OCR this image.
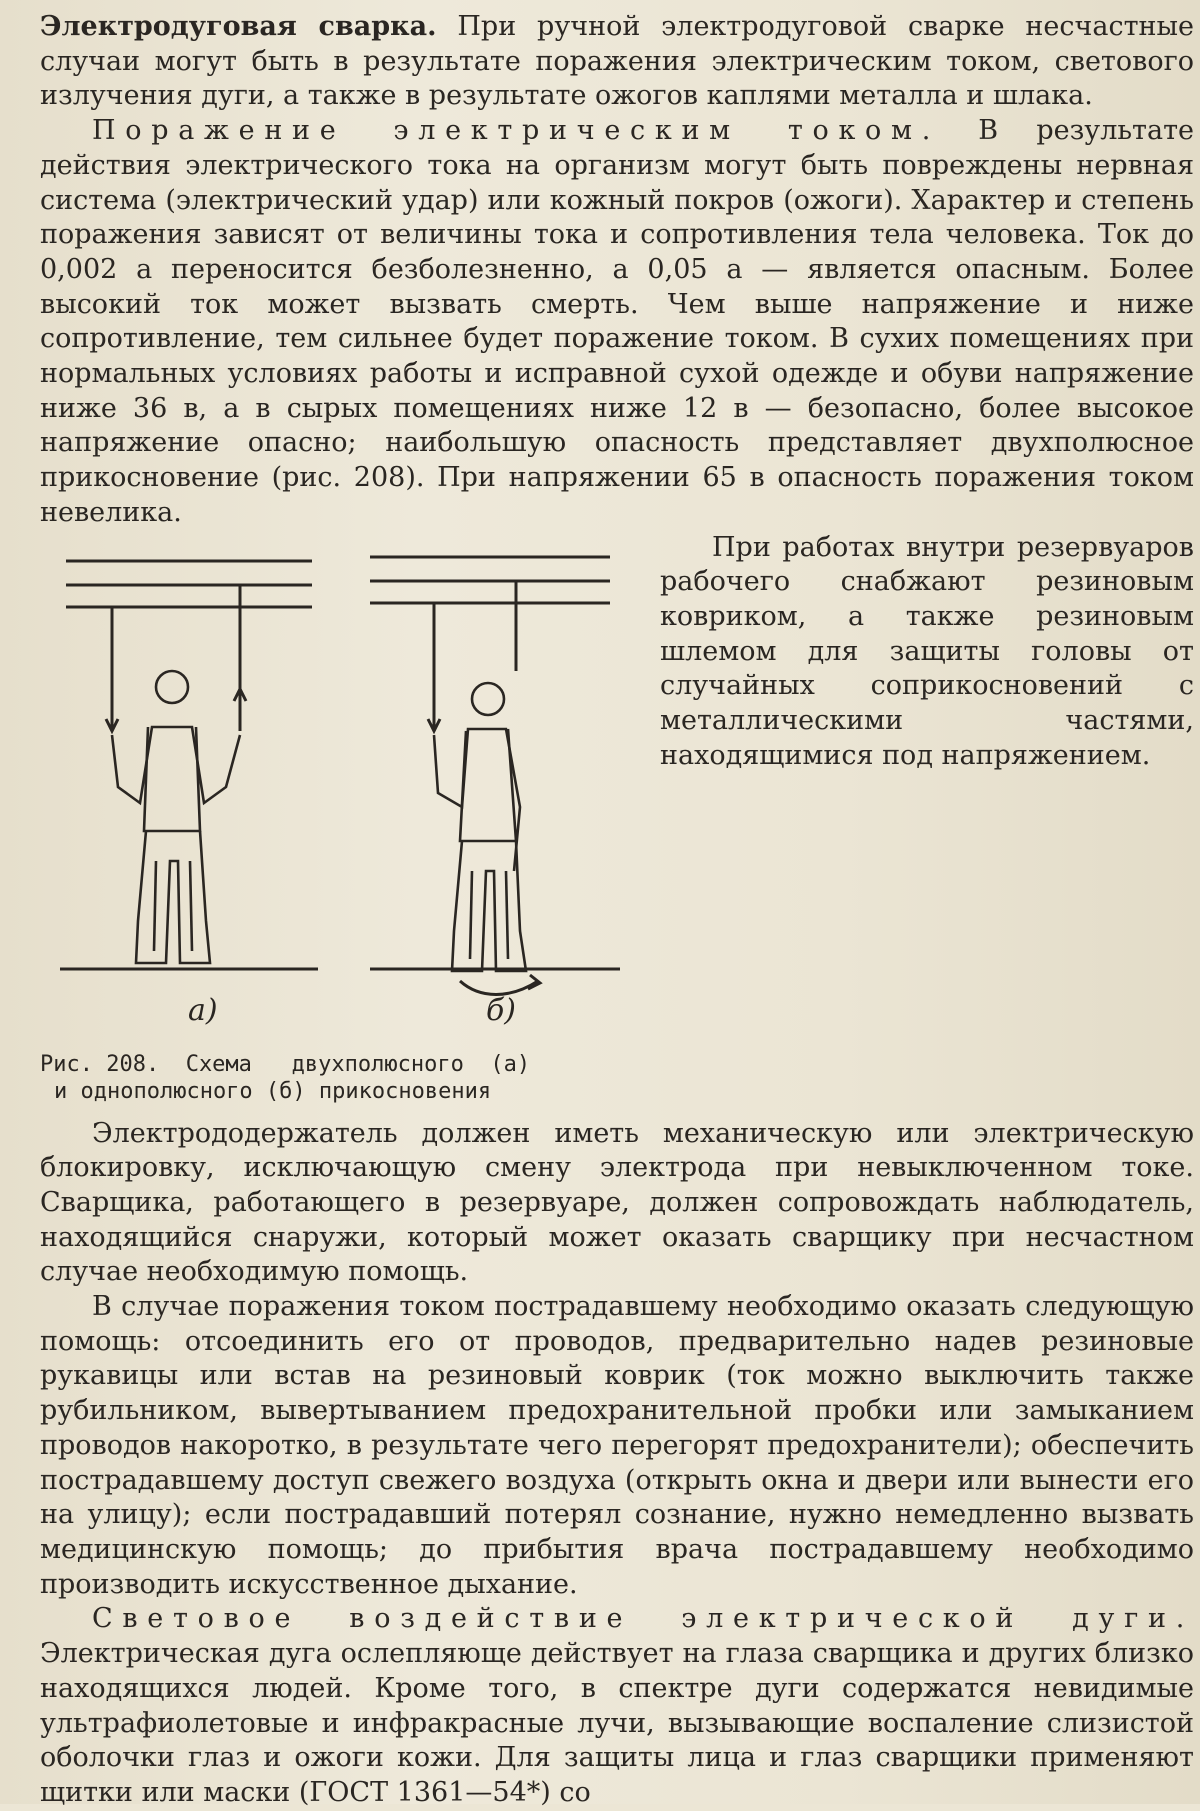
Электродуговая сварка. При ручной электродуговой сварке несчастные случаи могут быть в результате поражения электрическим током, светового излучения дуги, а также в результате ожогов каплями металла и шлака.

Поражение электрическим током. В результате действия электрического тока на организм могут быть повреждены нервная система (электрический удар) или кожный покров (ожоги). Характер и степень поражения зависят от величины тока и сопротивления тела человека. Ток до 0,002 а переносится безболезненно, а 0,05 а — является опасным. Более высокий ток может вызвать смерть. Чем выше напряжение и ниже сопротивление, тем сильнее будет поражение током. В сухих помещениях при нормальных условиях работы и исправной сухой одежде и обуви напряжение ниже 36 в, а в сырых помещениях ниже 12 в — безопасно, более высокое напряжение опасно; наибольшую опасность представляет двухполюсное прикосновение (рис. 208). При напряжении 65 в опасность поражения током невелика.

а)	б)
Рис. 208.  Схема   двухполюсного  (а)
и однополюсного (б) прикосновения

При работах внутри резервуаров рабочего снабжают резиновым ковриком, а также резиновым шлемом для защиты головы от случайных соприкосновений с металлическими частями, находящимися под напряжением.

Электрододержатель должен иметь механическую или электрическую блокировку, исключающую смену электрода при невыключенном токе. Сварщика, работающего в резервуаре, должен сопровождать наблюдатель, находящийся снаружи, который может оказать сварщику при несчастном случае необходимую помощь.

В случае поражения током пострадавшему необходимо оказать следующую помощь: отсоединить его от проводов, предварительно надев резиновые рукавицы или встав на резиновый коврик (ток можно выключить также рубильником, вывертыванием предохранительной пробки или замыканием проводов накоротко, в результате чего перегорят предохранители); обеспечить пострадавшему доступ свежего воздуха (открыть окна и двери или вынести его на улицу); если пострадавший потерял сознание, нужно немедленно вызвать медицинскую помощь; до прибытия врача пострадавшему необходимо производить искусственное дыхание.

Световое воздействие электрической дуги. Электрическая дуга ослепляюще действует на глаза сварщика и других близко находящихся людей. Кроме того, в спектре дуги содержатся невидимые ультрафиолетовые и инфракрасные лучи, вызывающие воспаление слизистой оболочки глаз и ожоги кожи. Для защиты лица и глаз сварщики применяют щитки или маски (ГОСТ 1361—54*) со
